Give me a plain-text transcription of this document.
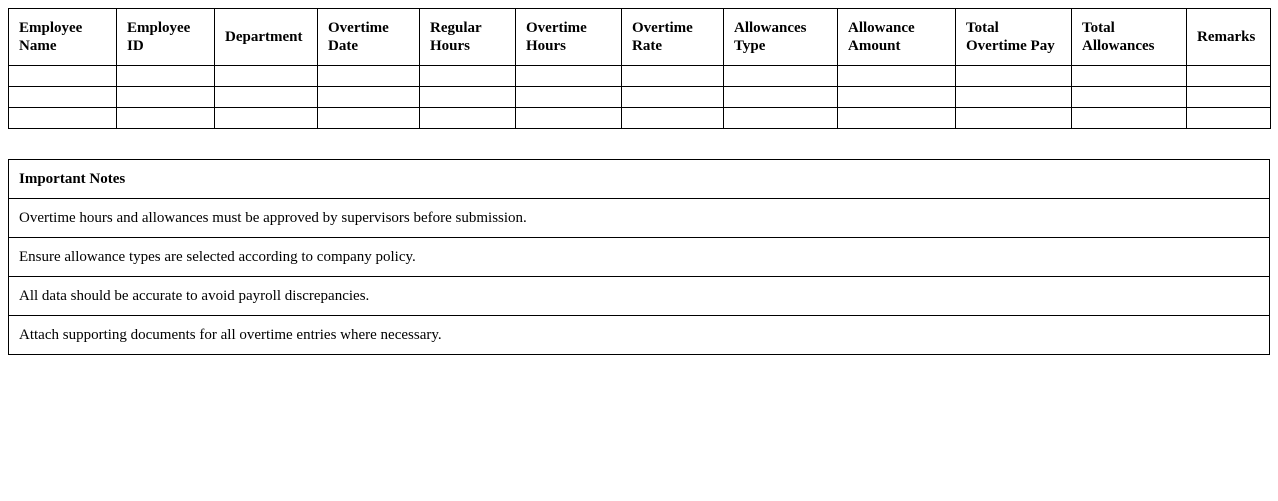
Employee Name	Employee ID	Department	Overtime Date	Regular Hours	Overtime Hours	Overtime Rate	Allowances Type	Allowance Amount	Total Overtime Pay	Total Allowances	Remarks

Important Notes
Overtime hours and allowances must be approved by supervisors before submission.
Ensure allowance types are selected according to company policy.
All data should be accurate to avoid payroll discrepancies.
Attach supporting documents for all overtime entries where necessary.
